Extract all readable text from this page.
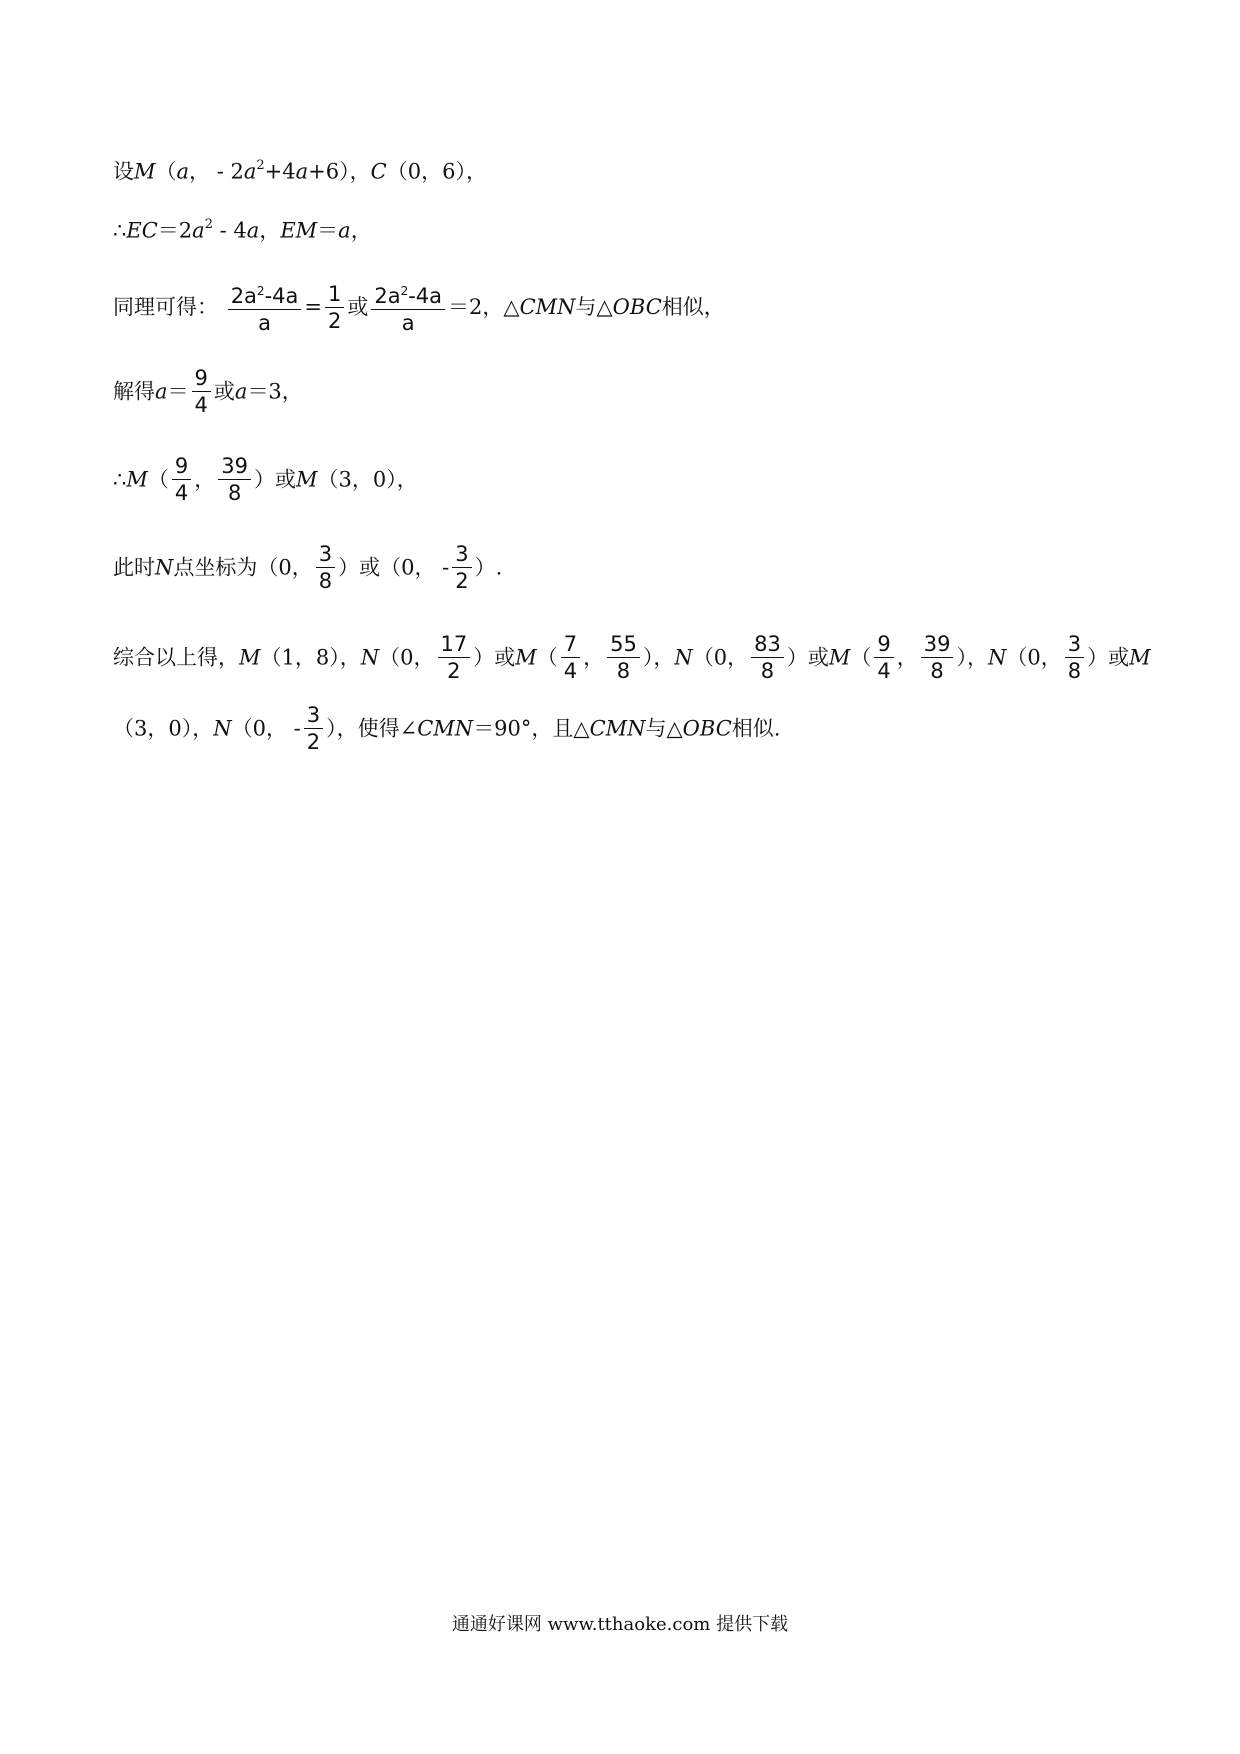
设M（a， - $2a^2+4a+6$），C（0，6），
$\therefore EC=2a^2 - 4a$，EM＝a，
同理可得： $\frac{2a^2-4a}{a} = \frac{1}{2}$ 或 $\frac{2a^2-4a}{a} =2$，△CMN与△OBC相似，
解得$a= \frac{9}{4}$ 或a＝3，
∴M（ $\frac{9}{4}$ ， $\frac{39}{8}$ ）或M（3，0），
此时N点坐标为（0， $\frac{3}{8}$ ）或（0， - $\frac{3}{2}$ ）.
综合以上得，M（1，8），N（0， $\frac{17}{2}$ ）或$M( \frac{7}{4}$ ， $\frac{55}{8}$ ），N（0， $\frac{83}{8}$ ）或$M( \frac{9}{4}$ ， $\frac{39}{8}$ ），N（0， $\frac{3}{8}$ ）或M
（3，0），N（0， - $\frac{3}{2}$ ），使得∠CMN＝90°，且△CMN与△OBC相似.
通通好课网 www.tthaoke.com 提供下载
